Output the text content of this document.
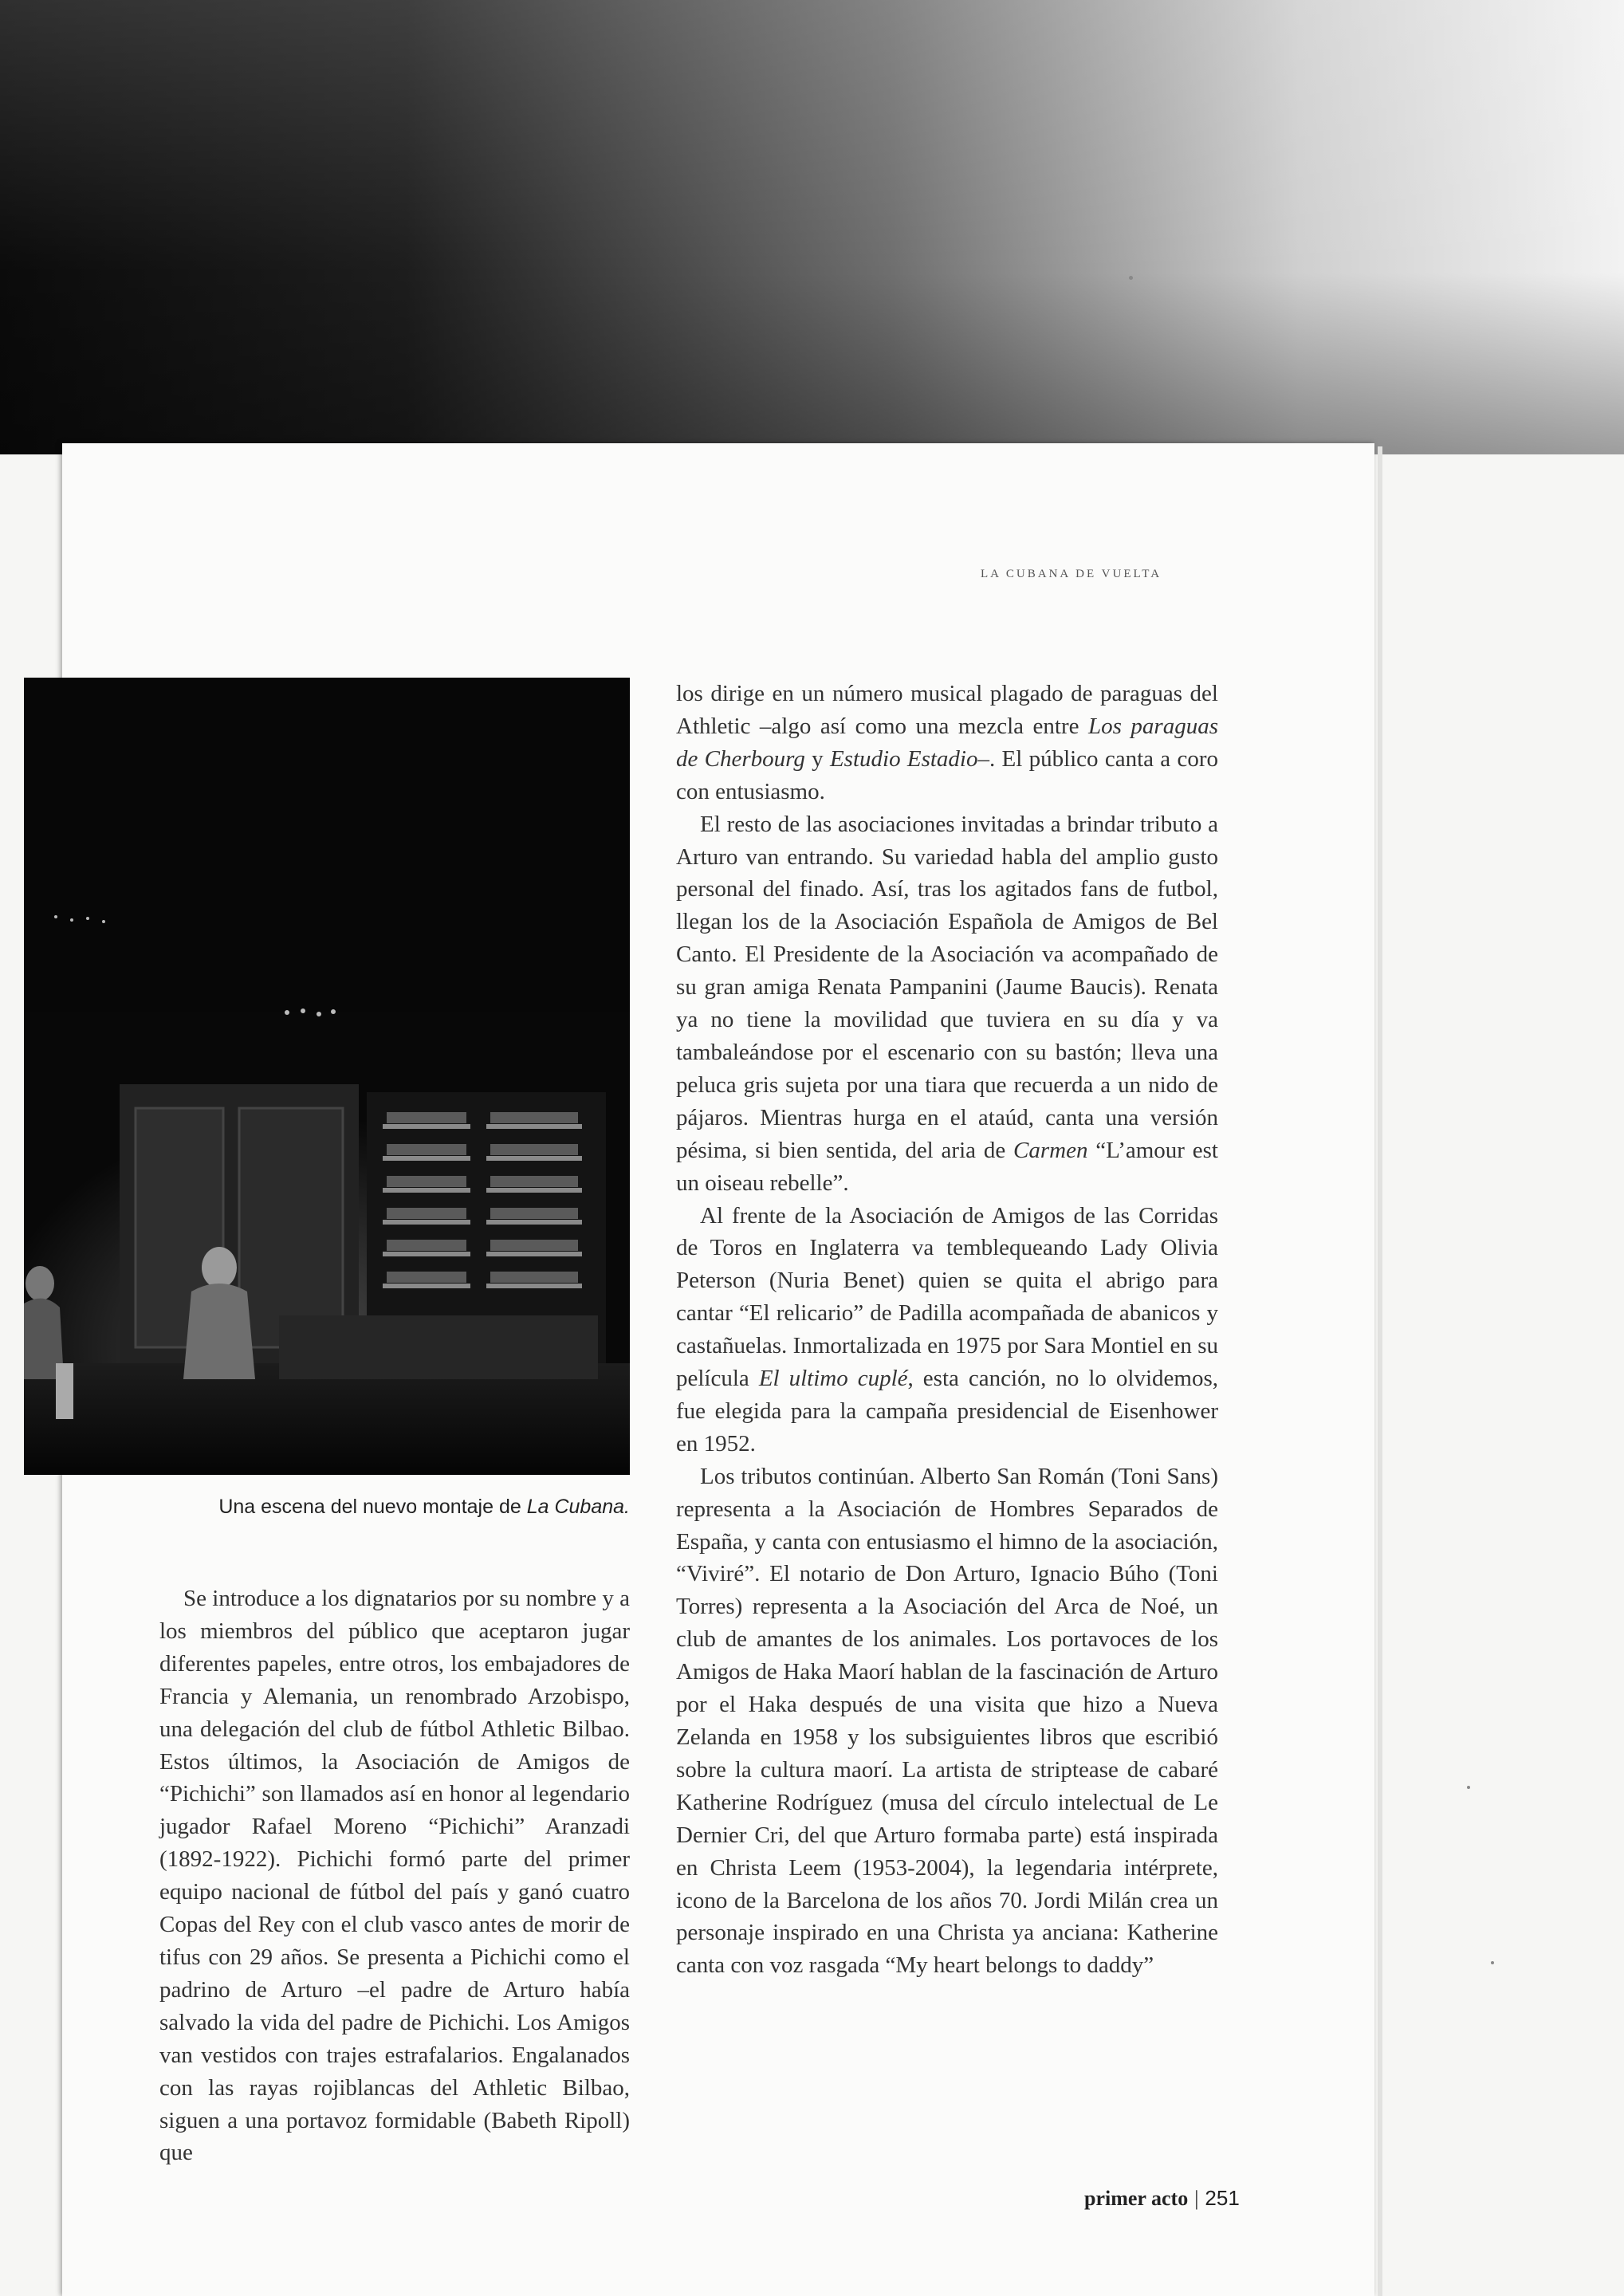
LA CUBANA DE VUELTA
Una escena del nuevo montaje de La Cubana.

Se introduce a los dignatarios por su nombre y a los miembros del público que aceptaron jugar diferentes papeles, entre otros, los embajadores de Francia y Alemania, un renombrado Arzobispo, una delegación del club de fútbol Athletic Bilbao. Estos últimos, la Asociación de Amigos de “Pichichi” son llamados así en honor al legendario jugador Rafael Moreno “Pichichi” Aranzadi (1892-1922). Pichichi formó parte del primer equipo nacional de fútbol del país y ganó cuatro Copas del Rey con el club vasco antes de morir de tifus con 29 años. Se presenta a Pichichi como el padrino de Arturo –el padre de Arturo había salvado la vida del padre de Pichichi. Los Amigos van vestidos con trajes estrafalarios. Engalanados con las rayas rojiblancas del Athletic Bilbao, siguen a una portavoz formidable (Babeth Ripoll) que

los dirige en un número musical plagado de paraguas del Athletic –algo así como una mezcla entre Los paraguas de Cherbourg y Estudio Estadio–. El público canta a coro con entusiasmo.

El resto de las asociaciones invitadas a brindar tributo a Arturo van entrando. Su variedad habla del amplio gusto personal del finado. Así, tras los agitados fans de futbol, llegan los de la Asociación Española de Amigos de Bel Canto. El Presidente de la Asociación va acompañado de su gran amiga Renata Pampanini (Jaume Baucis). Renata ya no tiene la movilidad que tuviera en su día y va tambaleándose por el escenario con su bastón; lleva una peluca gris sujeta por una tiara que recuerda a un nido de pájaros. Mientras hurga en el ataúd, canta una versión pésima, si bien sentida, del aria de Carmen “L’amour est un oiseau rebelle”.

Al frente de la Asociación de Amigos de las Corridas de Toros en Inglaterra va temblequeando Lady Olivia Peterson (Nuria Benet) quien se quita el abrigo para cantar “El relicario” de Padilla acompañada de abanicos y castañuelas. Inmortalizada en 1975 por Sara Montiel en su película El ultimo cuplé, esta canción, no lo olvidemos, fue elegida para la campaña presidencial de Eisenhower en 1952.

Los tributos continúan. Alberto San Román (Toni Sans) representa a la Asociación de Hombres Separados de España, y canta con entusiasmo el himno de la asociación, “Viviré”. El notario de Don Arturo, Ignacio Búho (Toni Torres) representa a la Asociación del Arca de Noé, un club de amantes de los animales. Los portavoces de los Amigos de Haka Maorí hablan de la fascinación de Arturo por el Haka después de una visita que hizo a Nueva Zelanda en 1958 y los subsiguientes libros que escribió sobre la cultura maorí. La artista de striptease de cabaré Katherine Rodríguez (musa del círculo intelectual de Le Dernier Cri, del que Arturo formaba parte) está inspirada en Christa Leem (1953-2004), la legendaria intérprete, icono de la Barcelona de los años 70. Jordi Milán crea un personaje inspirado en una Christa ya anciana: Katherine canta con voz rasgada “My heart belongs to daddy”

primer acto | 251
